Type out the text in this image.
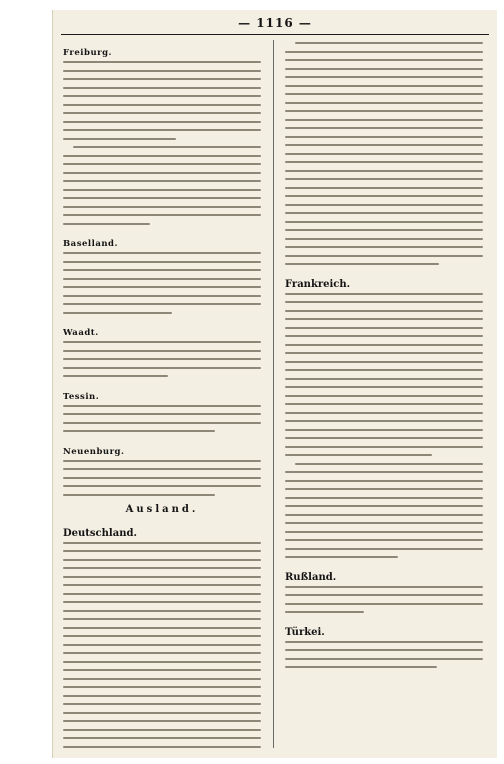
— 1116 —
Freiburg.
Baselland.
Waadt.
Tessin.
Neuenburg.
Ausland.
Deutschland.
Frankreich.
Rußland.
Türkei.
